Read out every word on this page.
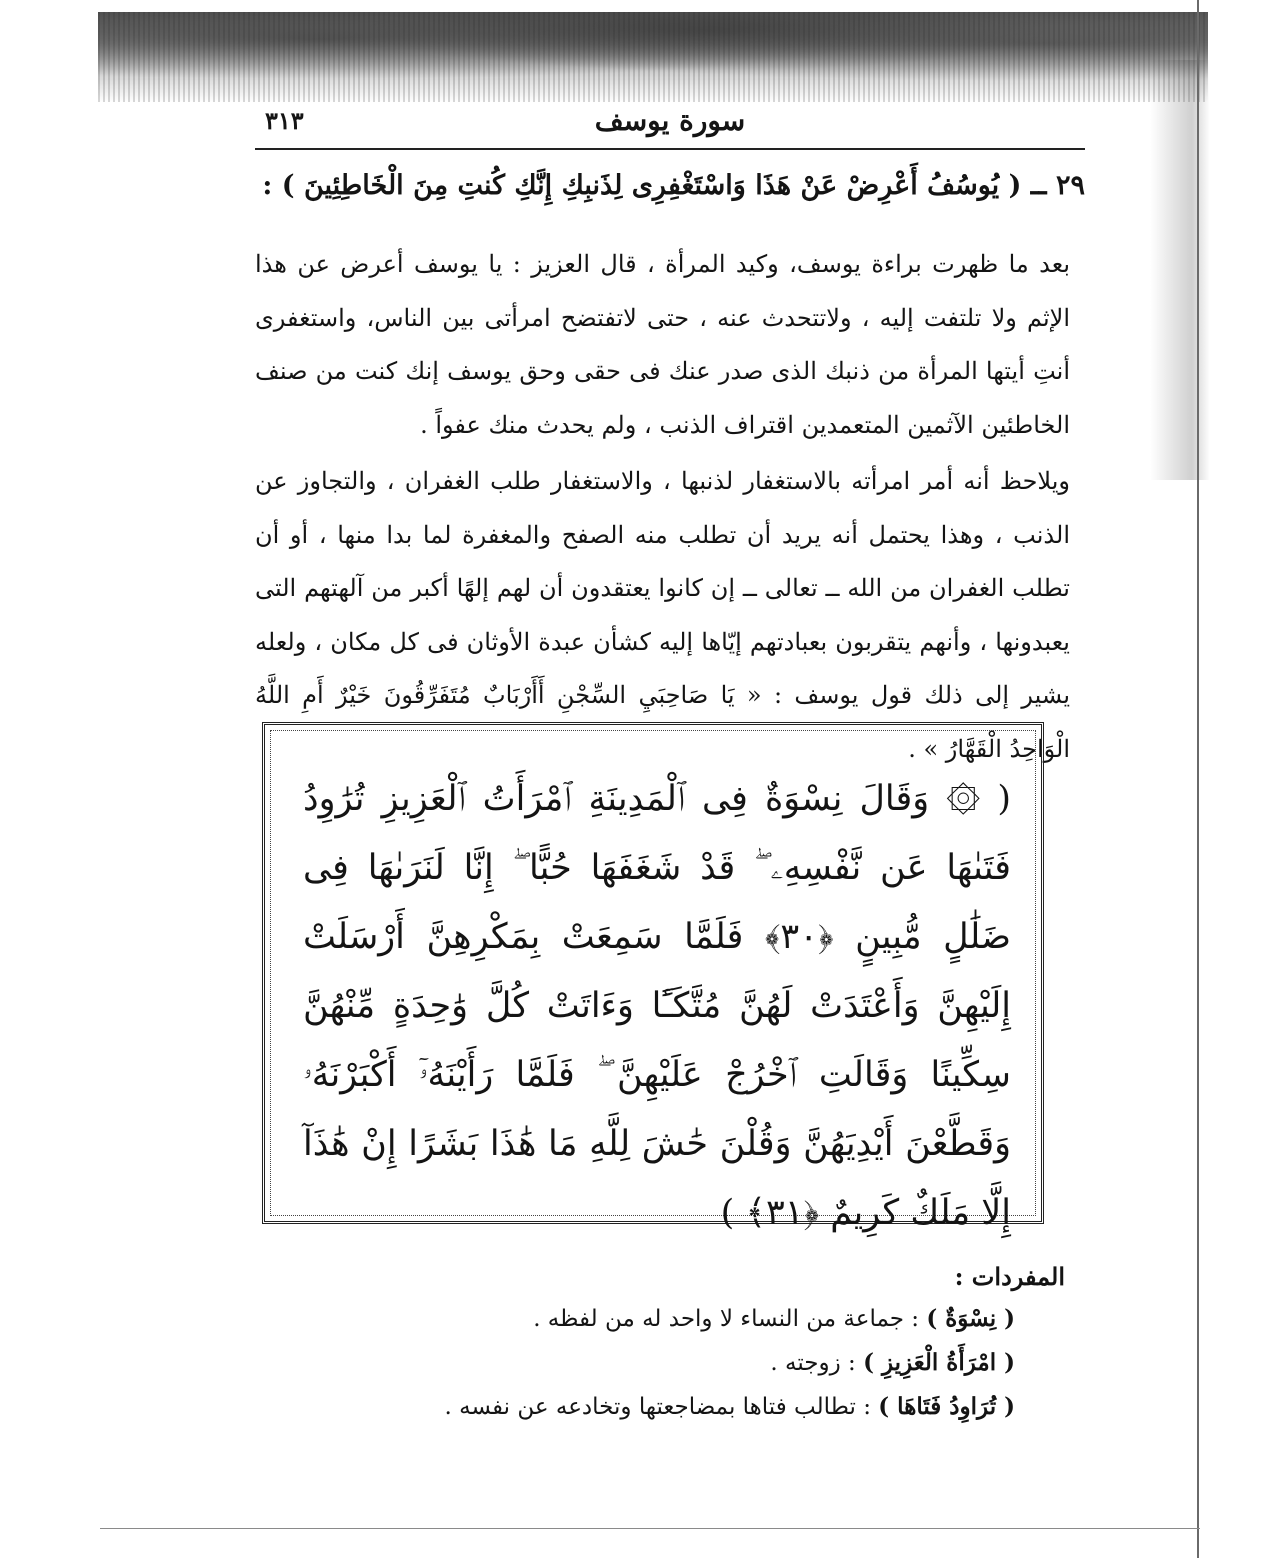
٣١٣	سورة يوسف
٢٩ ــ ( يُوسُفُ أَعْرِضْ عَنْ هَذَا وَاسْتَغْفِرِى لِذَنبِكِ إِنَّكِ كُنتِ مِنَ الْخَاطِئِينَ ) :
بعد ما ظهرت براءة يوسف، وكيد المرأة ، قال العزيز : يا يوسف أعرض عن هذا الإثم ولا تلتفت إليه ، ولاتتحدث عنه ، حتى لاتفتضح امرأتى بين الناس، واستغفرى أنتِ أيتها المرأة من ذنبك الذى صدر عنك فى حقى وحق يوسف إنك كنت من صنف الخاطئين الآثمين المتعمدين اقتراف الذنب ، ولم يحدث منك عفواً .
ويلاحظ أنه أمر امرأته بالاستغفار لذنبها ، والاستغفار طلب الغفران ، والتجاوز عن الذنب ، وهذا يحتمل أنه يريد أن تطلب منه الصفح والمغفرة لما بدا منها ، أو أن تطلب الغفران من الله ــ تعالى ــ إن كانوا يعتقدون أن لهم إلهًا أكبر من آلهتهم التى يعبدونها ، وأنهم يتقربون بعبادتهم إيّاها إليه كشأن عبدة الأوثان فى كل مكان ، ولعله يشير إلى ذلك قول يوسف : « يَا صَاحِبَيِ السِّجْنِ أَأَرْبَابٌ مُتَفَرِّقُونَ خَيْرٌ أَمِ اللَّهُ الْوَاحِدُ الْقَهَّارُ » .
( ۞ وَقَالَ نِسْوَةٌ فِى ٱلْمَدِينَةِ ٱمْرَأَتُ ٱلْعَزِيزِ تُرَٰوِدُ فَتَىٰهَا عَن نَّفْسِهِۦ ۖ قَدْ شَغَفَهَا حُبًّا ۖ إِنَّا لَنَرَىٰهَا فِى ضَلَٰلٍ مُّبِينٍ ﴿٣٠﴾ فَلَمَّا سَمِعَتْ بِمَكْرِهِنَّ أَرْسَلَتْ إِلَيْهِنَّ وَأَعْتَدَتْ لَهُنَّ مُتَّكَـًٔا وَءَاتَتْ كُلَّ وَٰحِدَةٍ مِّنْهُنَّ سِكِّينًا وَقَالَتِ ٱخْرُجْ عَلَيْهِنَّ ۖ فَلَمَّا رَأَيْنَهُۥٓ أَكْبَرْنَهُۥ وَقَطَّعْنَ أَيْدِيَهُنَّ وَقُلْنَ حَٰشَ لِلَّهِ مَا هَٰذَا بَشَرًا إِنْ هَٰذَآ إِلَّا مَلَكٌ كَرِيمٌ ﴿٣١﴾ )
المفردات :
( نِسْوَةٌ ) : جماعة من النساء لا واحد له من لفظه .
( امْرَأَةُ الْعَزِيزِ ) : زوجته .
( تُرَاوِدُ فَتَاهَا ) : تطالب فتاها بمضاجعتها وتخادعه عن نفسه .
